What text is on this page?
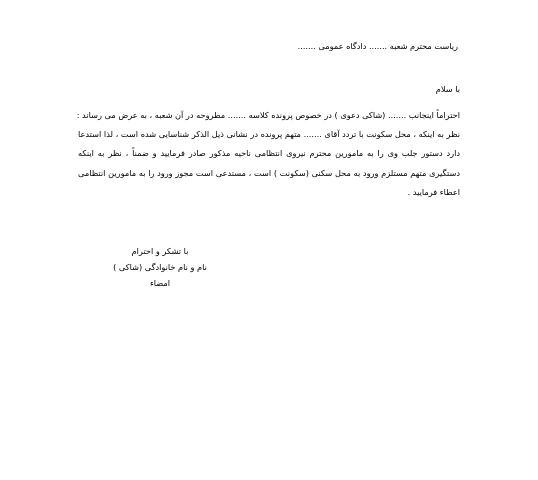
ریاست محترم شعبه ....... دادگاه عمومی .......
با سلام
احتراماً اینجانب ....... (شاکی دعوی ) در خصوص پرونده کلاسه ....... مطروحه در آن شعبه ، به عرض می رساند :
نظر به اینکه ، محل سکونت با تردد آقای ....... متهم پرونده در نشانی ذیل الذکر شناسایی شده است ، لذا استدعا
دارد دستور جلب وی را به مامورین محترم نیروی انتظامی ناحیه مذکور صادر فرمایید و ضمناً ، نظر به اینکه
دستگیری متهم مستلزم ورود به محل سکنی (سکونت ) است ، مستدعی است مجوز ورود را به مامورین انتظامی
اعطاء فرمایید .
با تشکر و احترام
نام و نام خانوادگی (شاکی )
امضاء
